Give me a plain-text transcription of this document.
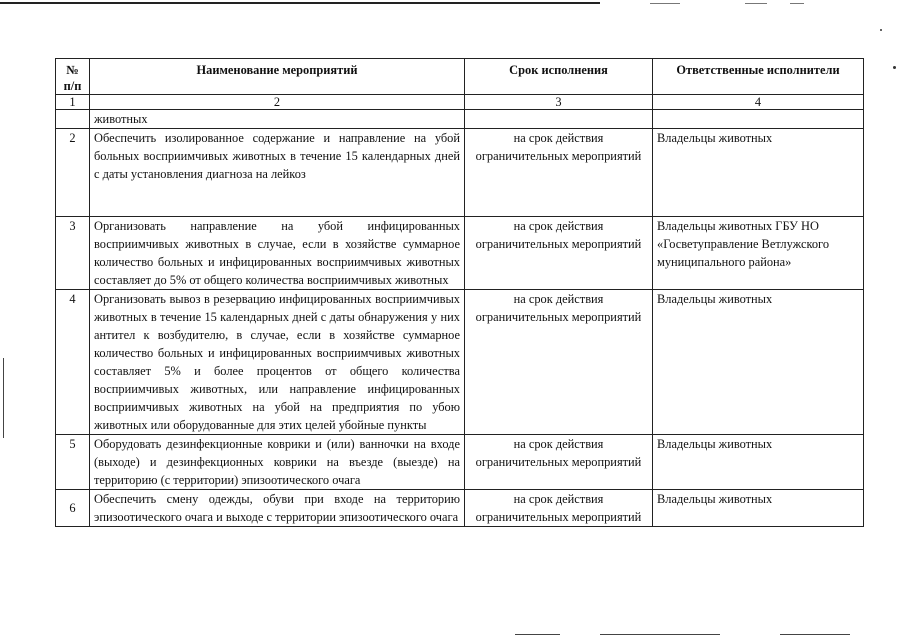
№ п/п	Наименование мероприятий	Срок исполнения	Ответственные исполнители
1	2	3	4
	животных		
2	Обеспечить изолированное содержание и направление на убой больных восприимчивых животных в течение 15 календарных дней с даты установления диагноза на лейкоз	на срок действия ограничительных мероприятий	Владельцы животных
3	Организовать направление на убой инфицированных восприимчивых животных в случае, если в хозяйстве суммарное количество больных и инфицированных восприимчивых животных составляет до 5% от общего количества восприимчивых животных	на срок действия ограничительных мероприятий	Владельцы животных ГБУ НО «Госветуправление Ветлужского муниципального района»
4	Организовать вывоз в резервацию инфицированных восприимчивых животных в течение 15 календарных дней с даты обнаружения у них антител к возбудителю, в случае, если в хозяйстве суммарное количество больных и инфицированных восприимчивых животных составляет 5% и более процентов от общего количества восприимчивых животных, или направление инфицированных восприимчивых животных на убой на предприятия по убою животных или оборудованные для этих целей убойные пункты	на срок действия ограничительных мероприятий	Владельцы животных
5	Оборудовать дезинфекционные коврики и (или) ванночки на входе (выходе) и дезинфекционных коврики на въезде (выезде) на территорию (с территории) эпизоотического очага	на срок действия ограничительных мероприятий	Владельцы животных
6	Обеспечить смену одежды, обуви при входе на территорию эпизоотического очага и выходе с территории эпизоотического очага	на срок действия ограничительных мероприятий	Владельцы животных
